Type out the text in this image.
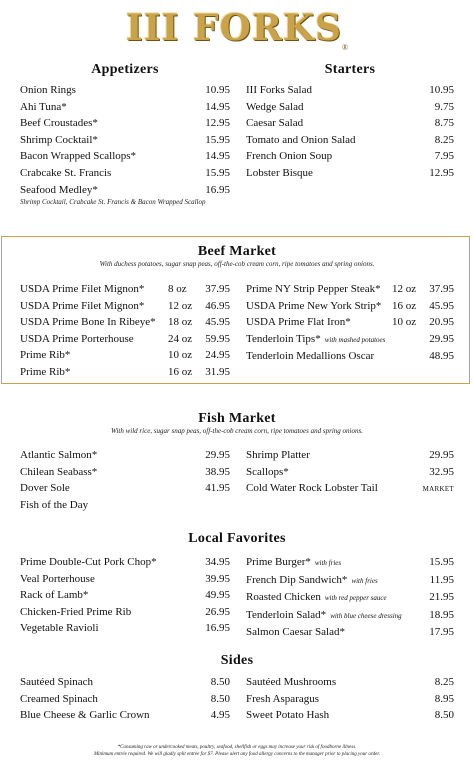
III FORKS®
Appetizers
Onion Rings	10.95
Ahi Tuna*	14.95
Beef Croustades*	12.95
Shrimp Cocktail*	15.95
Bacon Wrapped Scallops*	14.95
Crabcake St. Francis	15.95
Seafood Medley*	16.95
Shrimp Cocktail, Crabcake St. Francis & Bacon Wrapped Scallop
Starters
III Forks Salad	10.95
Wedge Salad	9.75
Caesar Salad	8.75
Tomato and Onion Salad	8.25
French Onion Soup	7.95
Lobster Bisque	12.95
Beef Market
With duchess potatoes, sugar snap peas, off-the-cob cream corn, ripe tomatoes and spring onions.
USDA Prime Filet Mignon*	8 oz	37.95
USDA Prime Filet Mignon*	12 oz	46.95
USDA Prime Bone In Ribeye*	18 oz	45.95
USDA Prime Porterhouse	24 oz	59.95
Prime Rib*	10 oz	24.95
Prime Rib*	16 oz	31.95
Prime NY Strip Pepper Steak*	12 oz	37.95
USDA Prime New York Strip* 16 oz	45.95
USDA Prime Flat Iron*	10 oz	20.95
Tenderloin Tips* with mashed potatoes	29.95
Tenderloin Medallions Oscar	48.95
Fish Market
With wild rice, sugar snap peas, off-the-cob cream corn, ripe tomatoes and spring onions.
Atlantic Salmon*	29.95
Chilean Seabass*	38.95
Dover Sole	41.95
Fish of the Day
Shrimp Platter	29.95
Scallops*	32.95
Cold Water Rock Lobster Tail	MARKET
Local Favorites
Prime Double-Cut Pork Chop*	34.95
Veal Porterhouse	39.95
Rack of Lamb*	49.95
Chicken-Fried Prime Rib	26.95
Vegetable Ravioli	16.95
Prime Burger* with fries	15.95
French Dip Sandwich* with fries	11.95
Roasted Chicken with red pepper sauce	21.95
Tenderloin Salad* with blue cheese dressing	18.95
Salmon Caesar Salad*	17.95
Sides
Sautéed Spinach	8.50
Creamed Spinach	8.50
Blue Cheese & Garlic Crown	4.95
Sautéed Mushrooms	8.25
Fresh Asparagus	8.95
Sweet Potato Hash	8.50
*Consuming raw or undercooked meats, poultry, seafood, shellfish or eggs may increase your risk of foodborne illness.
Minimum entrée required. We will gladly split entree for $7. Please alert any food allergy concerns to the manager prior to placing your order.
